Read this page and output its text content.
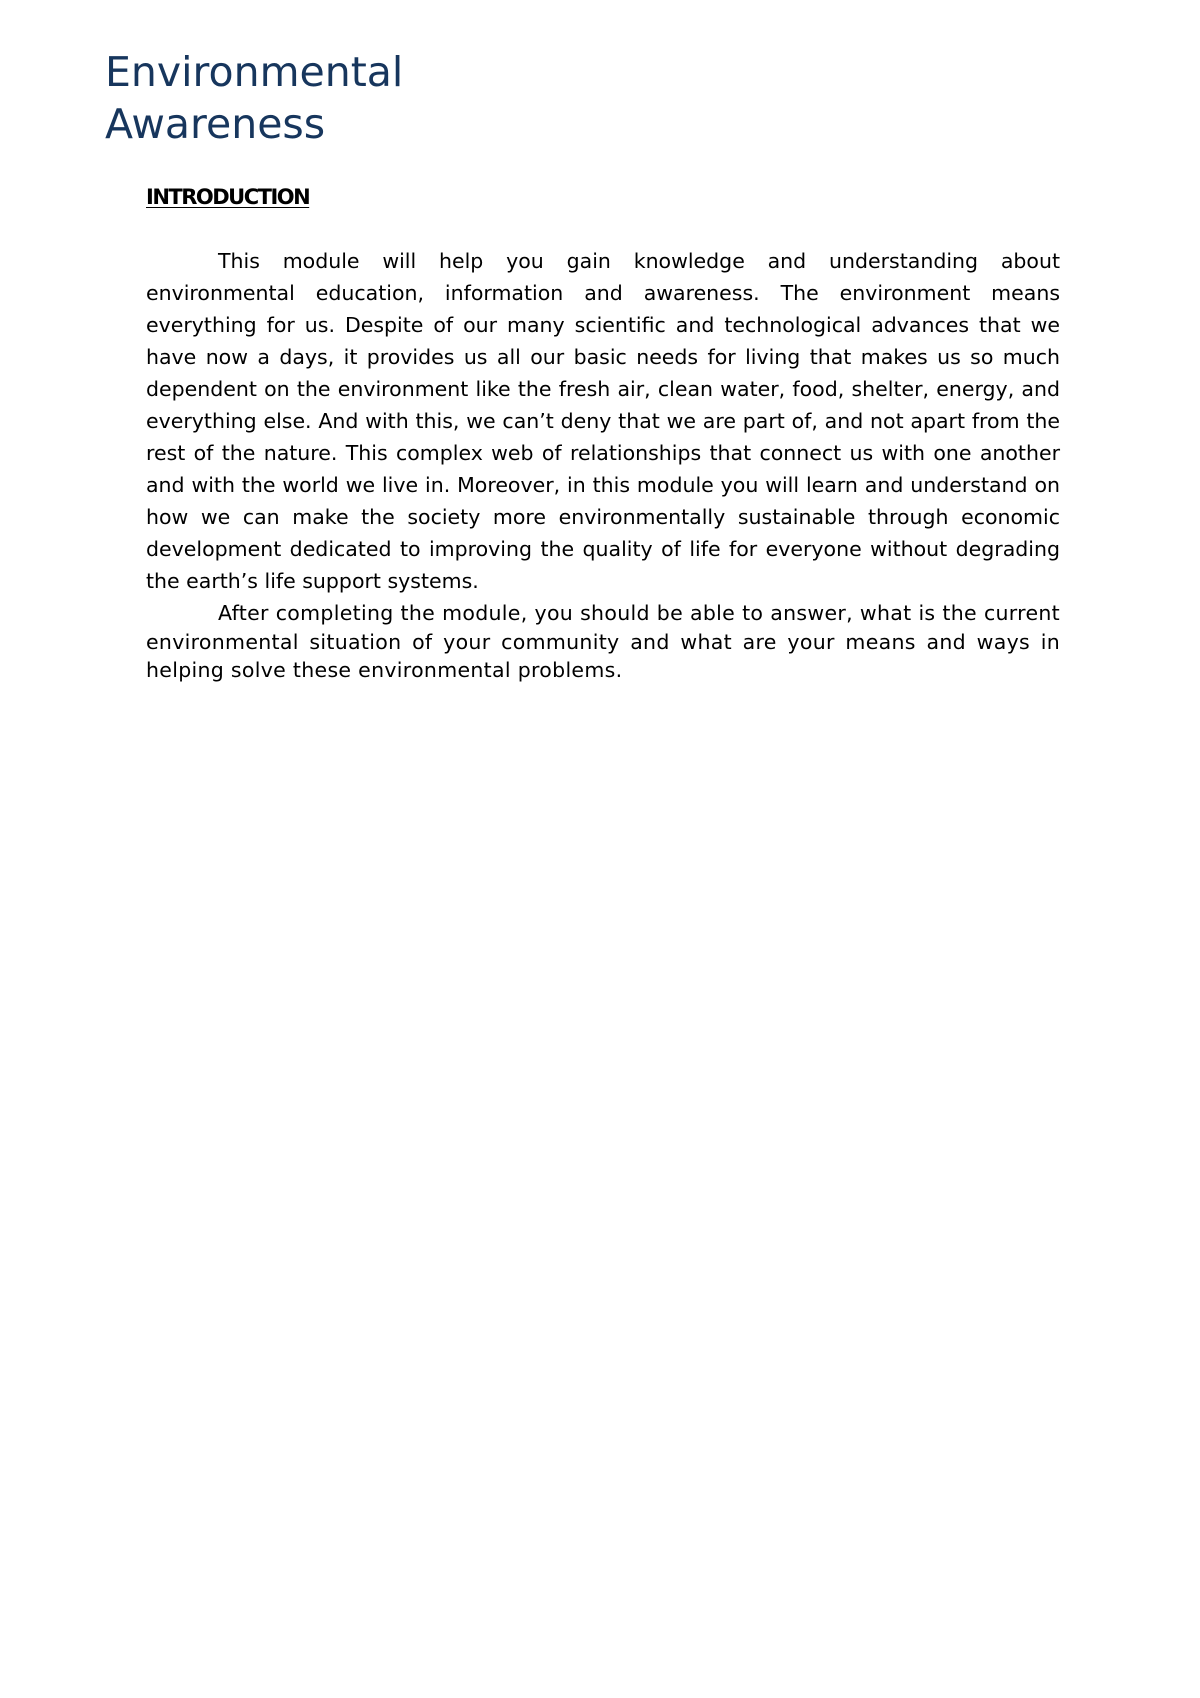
Environmental
Awareness
INTRODUCTION

This module will help you gain knowledge and understanding about environmental education, information and awareness. The environment means everything for us. Despite of our many scientific and technological advances that we have now a days, it provides us all our basic needs for living that makes us so much dependent on the environment like the fresh air, clean water, food, shelter, energy, and everything else. And with this, we can’t deny that we are part of, and not apart from the rest of the nature. This complex web of relationships that connect us with one another and with the world we live in. Moreover, in this module you will learn and understand on how we can make the society more environmentally sustainable through economic development dedicated to improving the quality of life for everyone without degrading the earth’s life support systems.

After completing the module, you should be able to answer, what is the current environmental situation of your community and what are your means and ways in helping solve these environmental problems.
